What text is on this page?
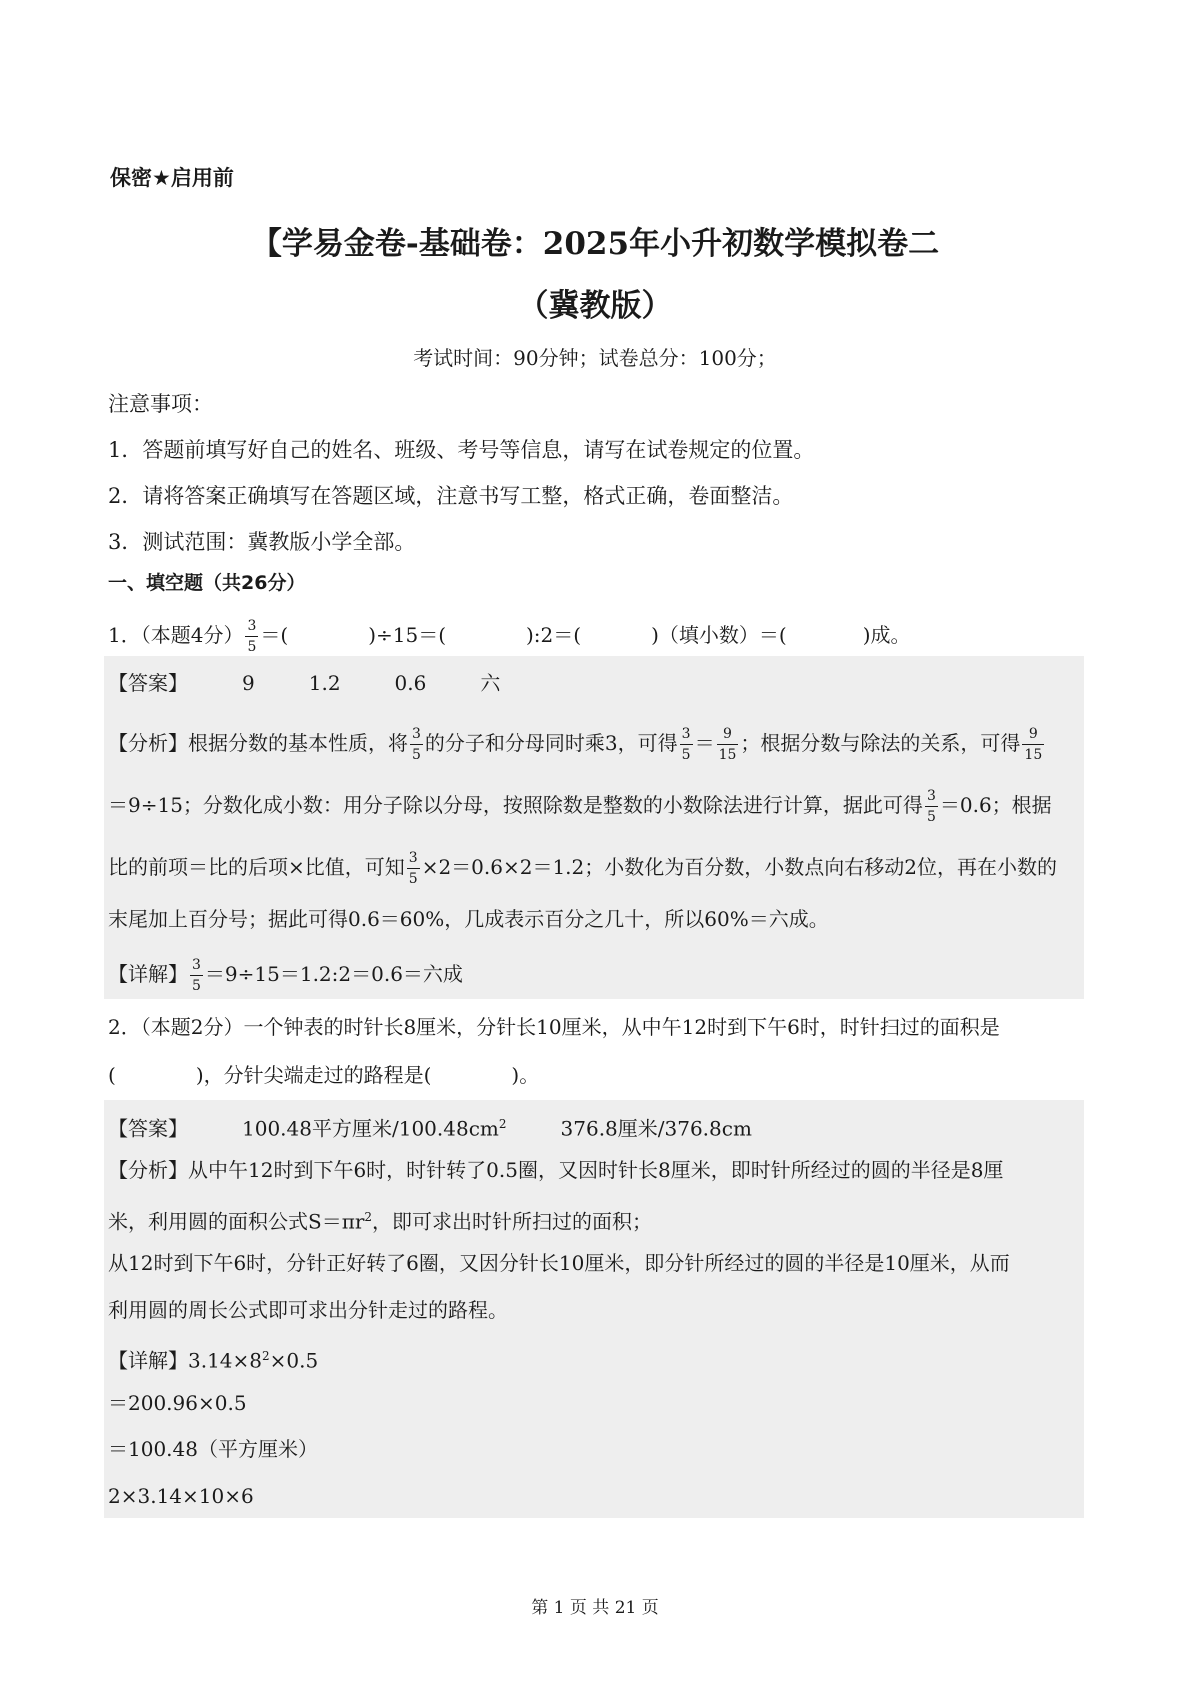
保密★启用前
【学易金卷-基础卷：2025年小升初数学模拟卷二
（冀教版）
考试时间：90分钟；试卷总分：100分；
注意事项：
1．答题前填写好自己的姓名、班级、考号等信息，请写在试卷规定的位置。
2．请将答案正确填写在答题区域，注意书写工整，格式正确，卷面整洁。
3．测试范围：冀教版小学全部。
一、填空题（共26分）
1．（本题4分） $\frac{3}{5}$ ＝(	)÷15＝(	):2＝(	)（填小数）＝(	)成。
【答案】	9	1.2	0.6	六
【分析】根据分数的基本性质，将 $\frac{3}{5}$ 的分子和分母同时乘3，可得 $\frac{3}{5} = \frac{9}{15}$ ；根据分数与除法的关系，可得 $\frac{9}{15}$
＝9÷15；分数化成小数：用分子除以分母，按照除数是整数的小数除法进行计算，据此可得 $\frac{3}{5} =0.6$；根据
比的前项＝比的后项×比值，可知 $\frac{3}{5} \times 2=0.6\times 2=1.2$；小数化为百分数，小数点向右移动2位，再在小数的
末尾加上百分号；据此可得0.6＝60%，几成表示百分之几十，所以60%＝六成。
【详解】 $\frac{3}{5}$ ＝9÷15＝1.2:2＝0.6＝六成
2．（本题2分）一个钟表的时针长8厘米，分针长10厘米，从中午12时到下午6时，时针扫过的面积是
(	)，分针尖端走过的路程是(	)。
【答案】	100.48平方厘米$/100.48cm^2$	376.8厘米/376.8cm
【分析】从中午12时到下午6时，时针转了0.5圈，又因时针长8厘米，即时针所经过的圆的半径是8厘
米，利用圆的面积公式$S=\pi r^2$，即可求出时针所扫过的面积；
从12时到下午6时，分针正好转了6圈，又因分针长10厘米，即分针所经过的圆的半径是10厘米，从而
利用圆的周长公式即可求出分针走过的路程。
【详解】$3.14\times 8^2\times 0.5$
＝200.96×0.5
＝100.48（平方厘米）
2×3.14×10×6
第 1 页 共 21 页
